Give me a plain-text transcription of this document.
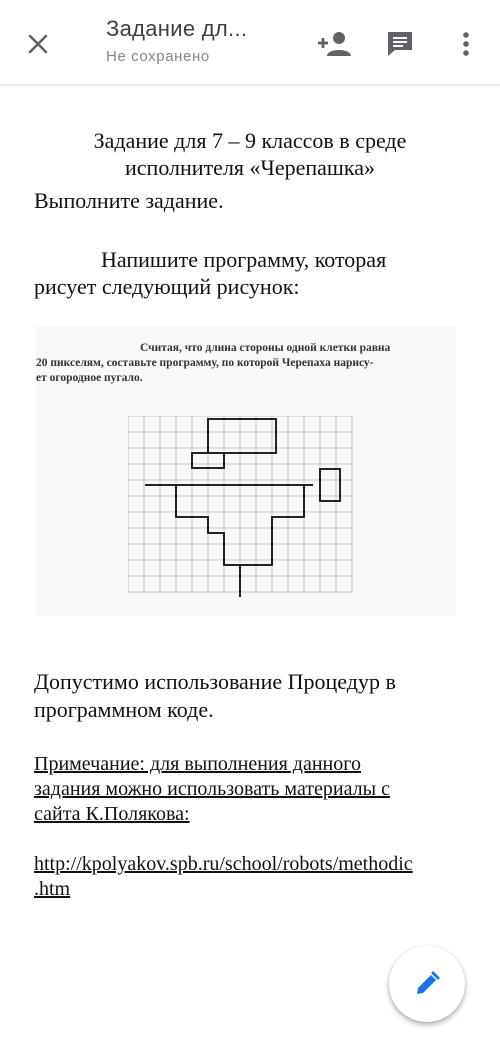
Задание дл...
Не сохранено
Задание для 7 – 9 классов в среде
исполнителя «Черепашка»
Выполните задание.
Напишите программу, которая
рисует следующий рисунок:
Считая, что длина стороны одной клетки равна
20 пикселям, составьте программу, по которой Черепаха нарису-
ет огородное пугало.
Допустимо использование Процедур в программном коде.
Примечание: для выполнения данного
задания можно использовать материалы с
сайта К.Полякова:
http://kpolyakov.spb.ru/school/robots/methodic
.htm
